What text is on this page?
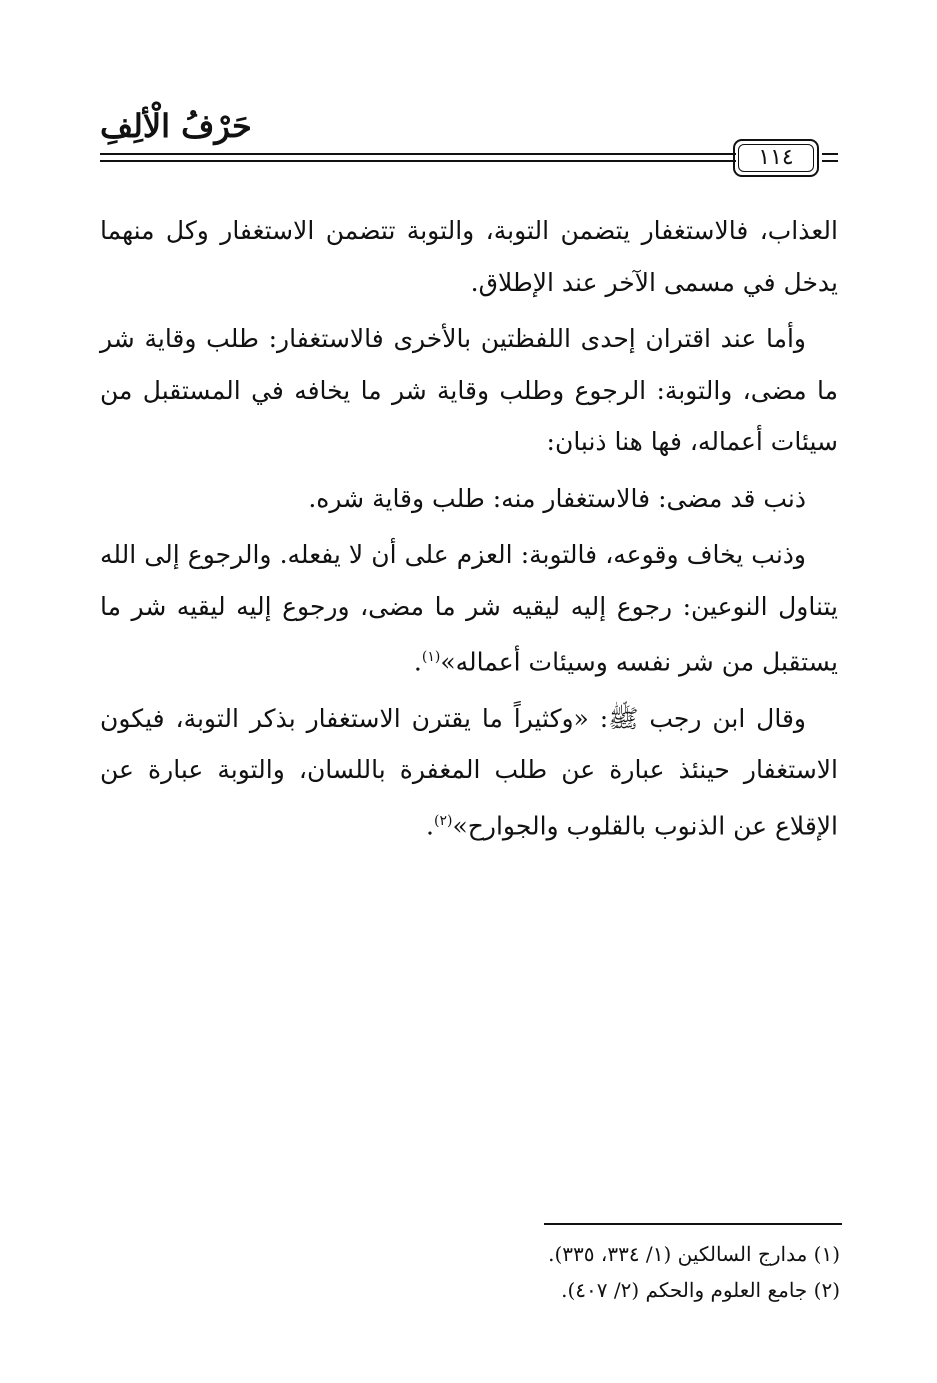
حَرْفُ الْألِفِ
١١٤

العذاب، فالاستغفار يتضمن التوبة، والتوبة تتضمن الاستغفار وكل منهما يدخل في مسمى الآخر عند الإطلاق.

وأما عند اقتران إحدى اللفظتين بالأخرى فالاستغفار: طلب وقاية شر ما مضى، والتوبة: الرجوع وطلب وقاية شر ما يخافه في المستقبل من سيئات أعماله، فها هنا ذنبان:

ذنب قد مضى: فالاستغفار منه: طلب وقاية شره.

وذنب يخاف وقوعه، فالتوبة: العزم على أن لا يفعله. والرجوع إلى الله يتناول النوعين: رجوع إليه ليقيه شر ما مضى، ورجوع إليه ليقيه شر ما يستقبل من شر نفسه وسيئات أعماله»$^{(١)}$.

وقال ابن رجب ﷺ: «وكثيراً ما يقترن الاستغفار بذكر التوبة، فيكون الاستغفار حينئذ عبارة عن طلب المغفرة باللسان، والتوبة عبارة عن الإقلاع عن الذنوب بالقلوب والجوارح»$^{(٢)}$.

(١) مدارج السالكين (١/ ٣٣٤، ٣٣٥).
(٢) جامع العلوم والحكم (٢/ ٤٠٧).
